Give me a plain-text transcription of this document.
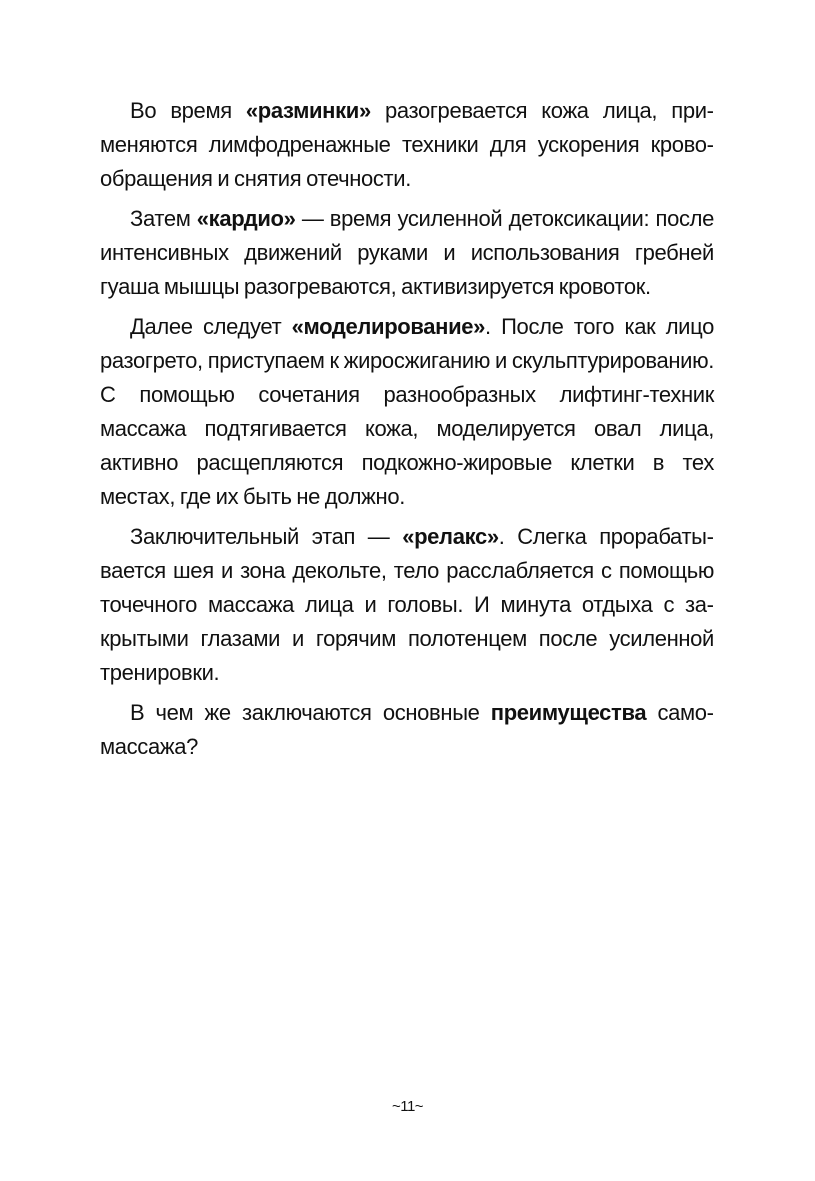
Во время «разминки» разогревается кожа лица, применяются лимфодренажные техники для ускорения кровообращения и снятия отечности.

Затем «кардио» — время усиленной детоксикации: после интенсивных движений руками и использования гребней гуаша мышцы разогреваются, активизируется кровоток.

Далее следует «моделирование». После того как лицо разогрето, приступаем к жиросжиганию и скульптурированию. С помощью сочетания разнообразных лифтинг-техник массажа подтягивается кожа, моделируется овал лица, активно расщепляются подкожно-жировые клетки в тех местах, где их быть не должно.

Заключительный этап — «релакс». Слегка прорабатывается шея и зона декольте, тело расслабляется с помощью точечного массажа лица и головы. И минута отдыха с закрытыми глазами и горячим полотенцем после усиленной тренировки.

В чем же заключаются основные преимущества самомассажа?

~11~
